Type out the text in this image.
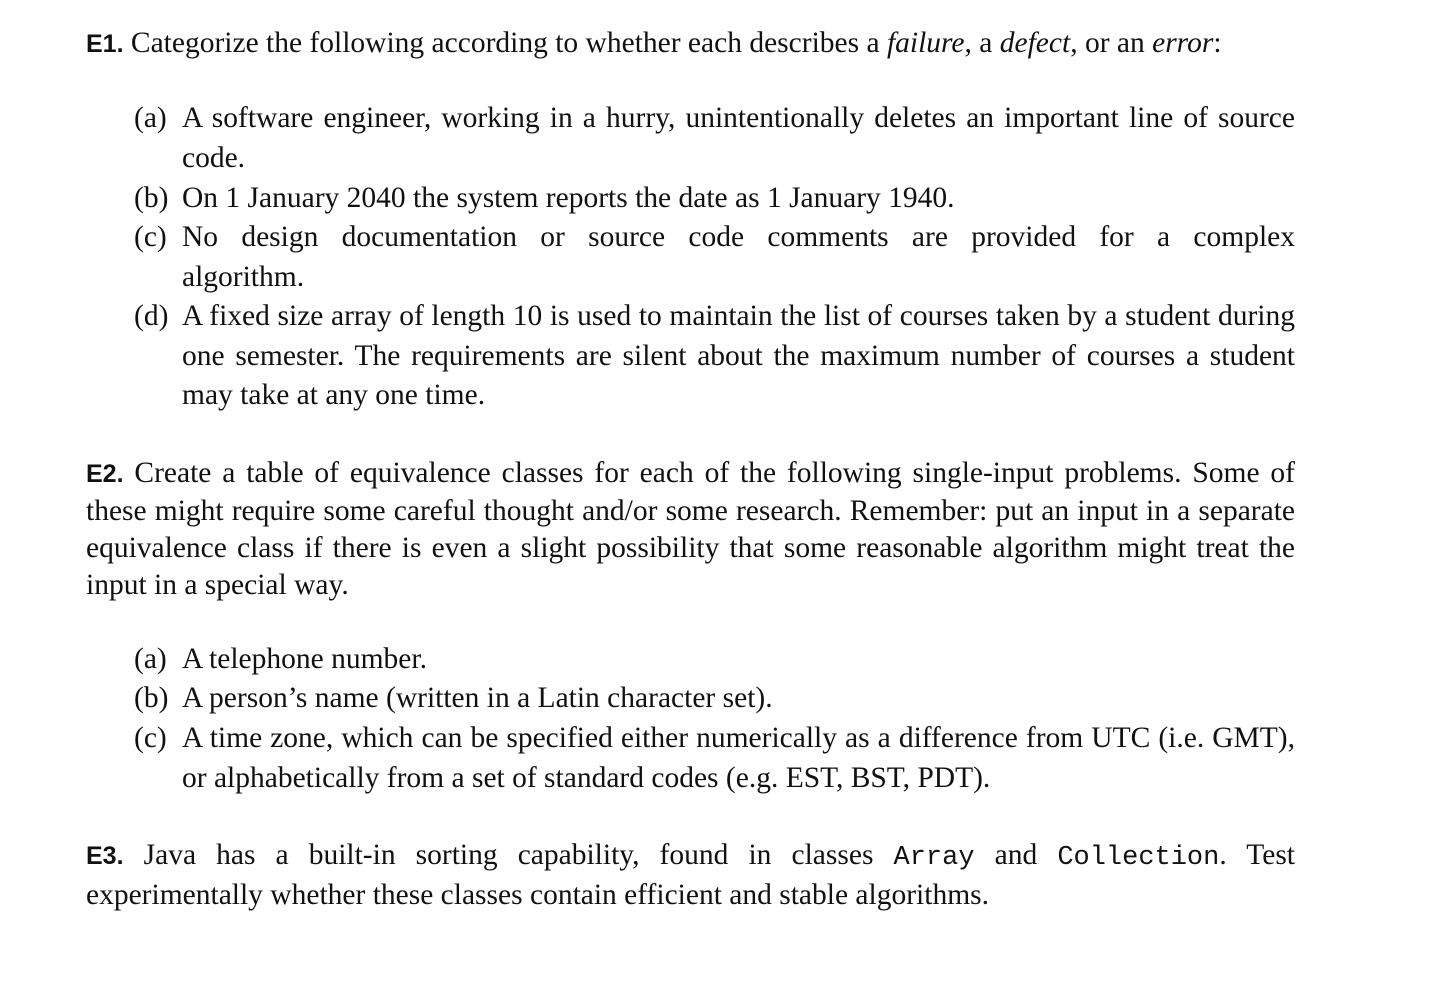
E1. Categorize the following according to whether each describes a failure, a defect, or an error:
(a) A software engineer, working in a hurry, unintentionally deletes an important line of source code.
(b) On 1 January 2040 the system reports the date as 1 January 1940.
(c) No design documentation or source code comments are provided for a complex algorithm.
(d) A fixed size array of length 10 is used to maintain the list of courses taken by a student during one semester. The requirements are silent about the maximum number of courses a student may take at any one time.
E2. Create a table of equivalence classes for each of the following single-input problems. Some of these might require some careful thought and/or some research. Remember: put an input in a separate equivalence class if there is even a slight possibility that some reasonable algorithm might treat the input in a special way.
(a) A telephone number.
(b) A person’s name (written in a Latin character set).
(c) A time zone, which can be specified either numerically as a difference from UTC (i.e. GMT), or alphabetically from a set of standard codes (e.g. EST, BST, PDT).
E3. Java has a built-in sorting capability, found in classes Array and Collection. Test experimentally whether these classes contain efficient and stable algorithms.
